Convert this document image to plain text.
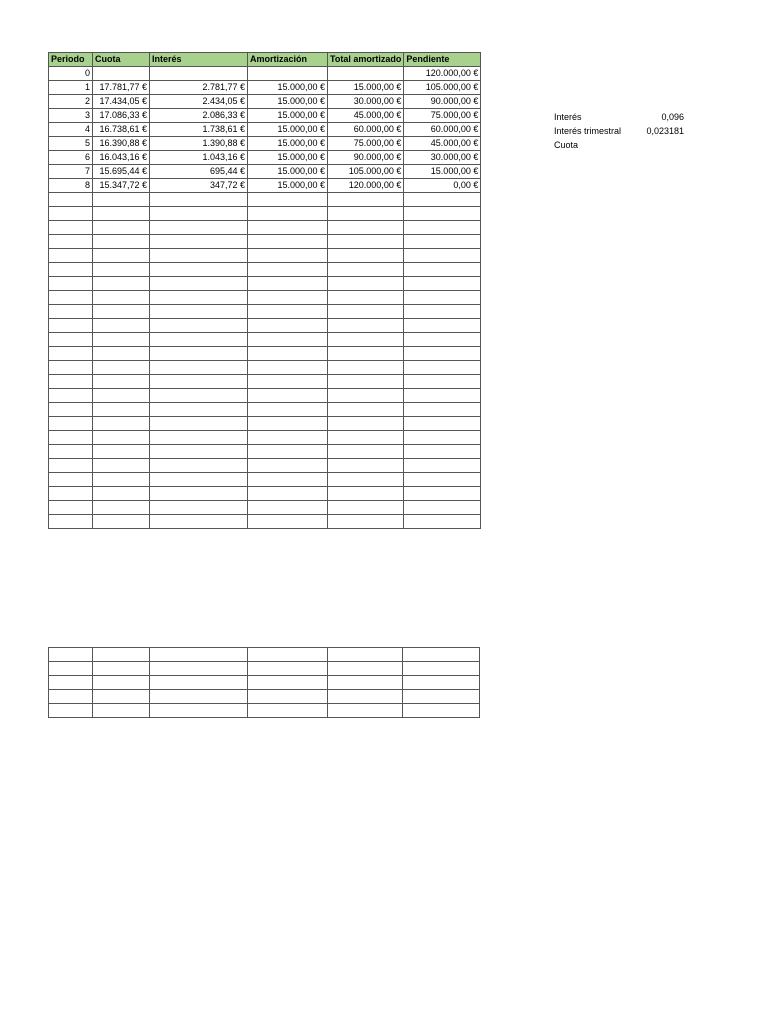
Periodo	Cuota	Interés	Amortización	Total amortizado	Pendiente
0					120.000,00 €
1	17.781,77 €	2.781,77 €	15.000,00 €	15.000,00 €	105.000,00 €
2	17.434,05 €	2.434,05 €	15.000,00 €	30.000,00 €	90.000,00 €
3	17.086,33 €	2.086,33 €	15.000,00 €	45.000,00 €	75.000,00 €
4	16.738,61 €	1.738,61 €	15.000,00 €	60.000,00 €	60.000,00 €
5	16.390,88 €	1.390,88 €	15.000,00 €	75.000,00 €	45.000,00 €
6	16.043,16 €	1.043,16 €	15.000,00 €	90.000,00 €	30.000,00 €
7	15.695,44 €	695,44 €	15.000,00 €	105.000,00 €	15.000,00 €
8	15.347,72 €	347,72 €	15.000,00 €	120.000,00 €	0,00 €

Interés	0,096
Interés trimestral	0,023181
Cuota	
